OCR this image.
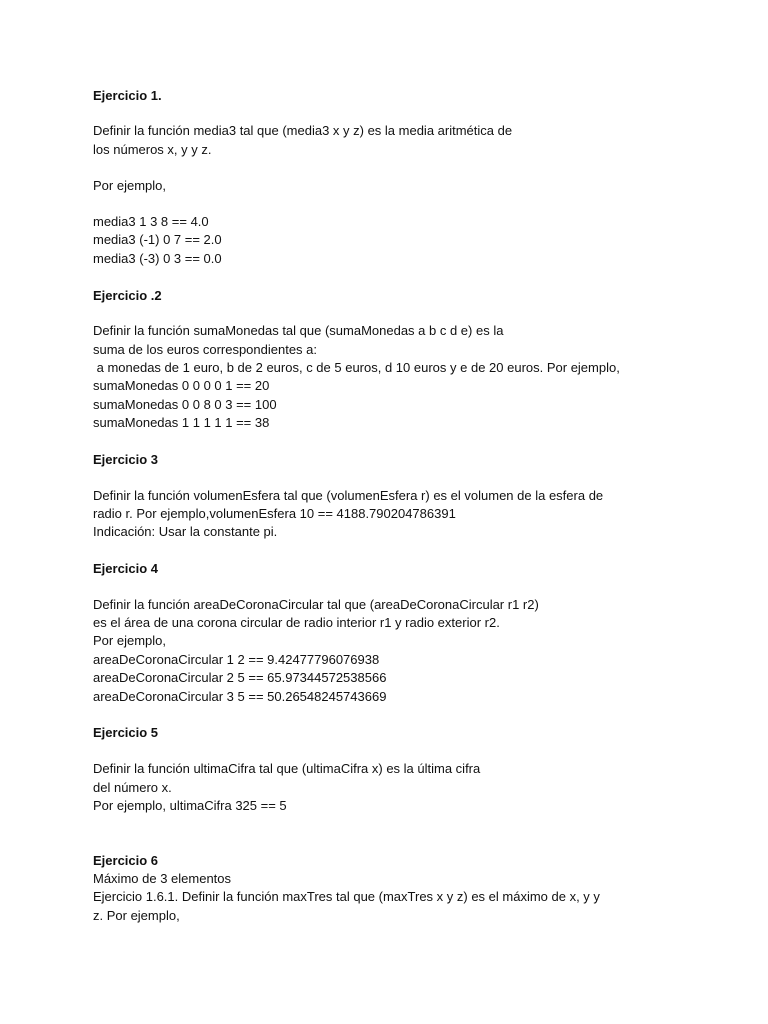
Ejercicio 1.
Definir la función media3 tal que (media3 x y z) es la media aritmética de
los números x, y y z.
Por ejemplo,
media3 1 3 8 == 4.0
media3 (-1) 0 7 == 2.0
media3 (-3) 0 3 == 0.0
Ejercicio .2
Definir la función sumaMonedas tal que (sumaMonedas a b c d e) es la
suma de los euros correspondientes a:
a monedas de 1 euro, b de 2 euros, c de 5 euros, d 10 euros y e de 20 euros. Por ejemplo,
sumaMonedas 0 0 0 0 1 == 20
sumaMonedas 0 0 8 0 3 == 100
sumaMonedas 1 1 1 1 1 == 38
Ejercicio 3
Definir la función volumenEsfera tal que (volumenEsfera r) es el volumen de la esfera de
radio r. Por ejemplo,volumenEsfera 10 == 4188.790204786391
Indicación: Usar la constante pi.
Ejercicio 4
Definir la función areaDeCoronaCircular tal que (areaDeCoronaCircular r1 r2)
es el área de una corona circular de radio interior r1 y radio exterior r2.
Por ejemplo,
areaDeCoronaCircular 1 2 == 9.42477796076938
areaDeCoronaCircular 2 5 == 65.97344572538566
areaDeCoronaCircular 3 5 == 50.26548245743669
Ejercicio 5
Definir la función ultimaCifra tal que (ultimaCifra x) es la última cifra
del número x.
Por ejemplo, ultimaCifra 325 == 5
Ejercicio 6
Máximo de 3 elementos
Ejercicio 1.6.1. Definir la función maxTres tal que (maxTres x y z) es el máximo de x, y y
z. Por ejemplo,
